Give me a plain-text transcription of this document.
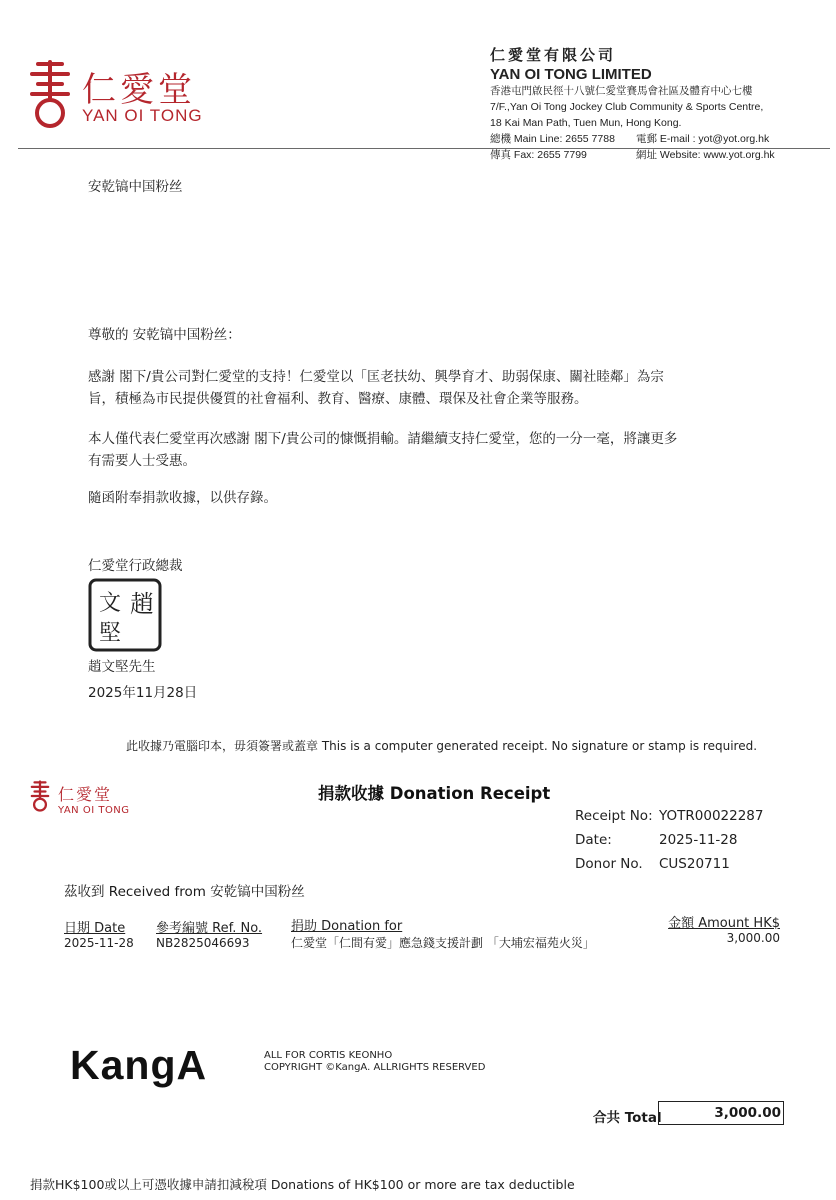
仁愛堂
YAN OI TONG
仁愛堂有限公司
YAN OI TONG LIMITED
香港屯門啟民徑十八號仁愛堂賽馬會社區及體育中心七樓
7/F.,Yan Oi Tong Jockey Club Community & Sports Centre,
18 Kai Man Path, Tuen Mun, Hong Kong.
總機 Main Line: 2655 7788	電郵 E-mail : yot@yot.org.hk
傳真 Fax: 2655 7799	網址 Website: www.yot.org.hk
安乾镐中国粉丝
尊敬的 安乾镐中国粉丝：
感謝 閣下/貴公司對仁愛堂的支持！仁愛堂以「匡老扶幼、興學育才、助弱保康、關社睦鄰」為宗
旨，積極為市民提供優質的社會福利、教育、醫療、康體、環保及社會企業等服務。
本人僅代表仁愛堂再次感謝 閣下/貴公司的慷慨捐輸。請繼續支持仁愛堂，您的一分一毫，將讓更多
有需要人士受惠。
隨函附奉捐款收據，以供存錄。
仁愛堂行政總裁
趙
文
堅
趙文堅先生
2025年11月28日
此收據乃電腦印本，毋須簽署或蓋章 This is a computer generated receipt. No signature or stamp is required.
仁愛堂
YAN OI TONG
捐款收據 Donation Receipt
Receipt No: YOTR00022287
Date:	2025-11-28
Donor No. CUS20711
茲收到 Received from 安乾镐中国粉丝
日期 Date 參考編號 Ref. No. 捐助 Donation for	金額 Amount HK$
2025-11-28 NB2825046693	仁愛堂「仁間有愛」應急錢支援計劃 「大埔宏福苑火災」	3,000.00
KangA	ALL FOR CORTIS KEONHO
COPYRIGHT ©KangA. ALLRIGHTS RESERVED
合共 Total	3,000.00
捐款HK$100或以上可憑收據申請扣減稅項 Donations of HK$100 or more are tax deductible
